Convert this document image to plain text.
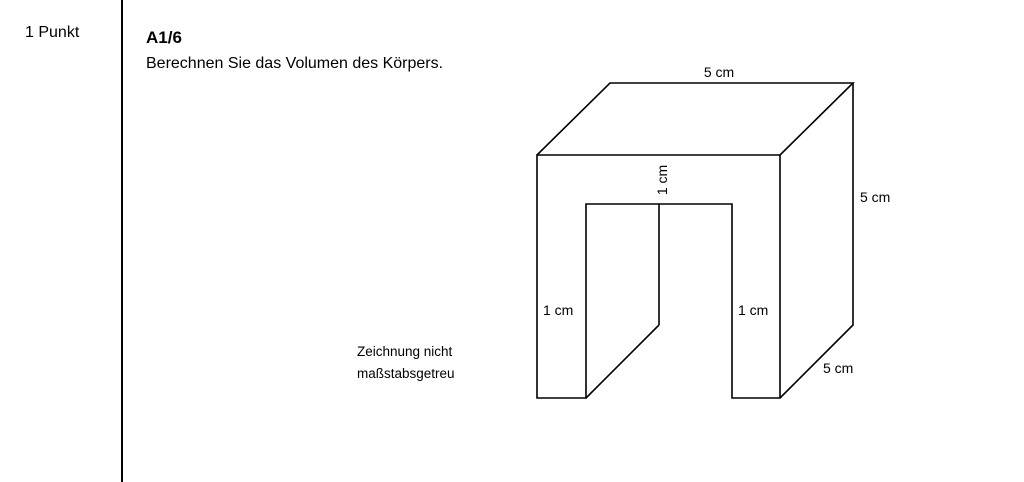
1 Punkt	A1/6
Berechnen Sie das Volumen des Körpers.
Zeichnung nicht
maßstabsgetreu
5 cm
5 cm
5 cm
1 cm
1 cm	1 cm
